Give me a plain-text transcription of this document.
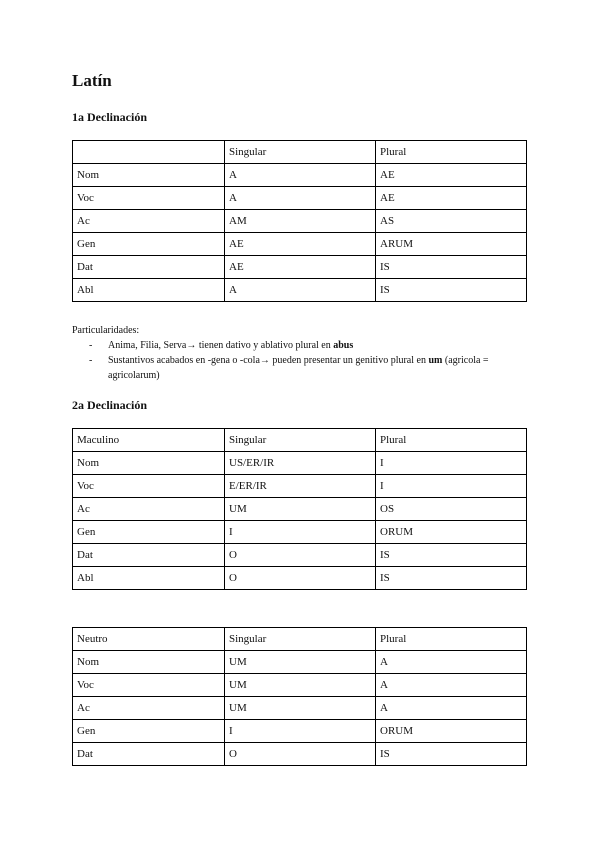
Latín
1a Declinación
	Singular	Plural
Nom	A	AE
Voc	A	AE
Ac	AM	AS
Gen	AE	ARUM
Dat	AE	IS
Abl	A	IS

Particularidades:

- Anima, Filia, Serva→ tienen dativo y ablativo plural en abus
- Sustantivos acabados en -gena o -cola→ pueden presentar un genitivo plural en um (agricola = agricolarum)
2a Declinación
Maculino	Singular	Plural
Nom	US/ER/IR	I
Voc	E/ER/IR	I
Ac	UM	OS
Gen	I	ORUM
Dat	O	IS
Abl	O	IS
Neutro	Singular	Plural
Nom	UM	A
Voc	UM	A
Ac	UM	A
Gen	I	ORUM
Dat	O	IS
